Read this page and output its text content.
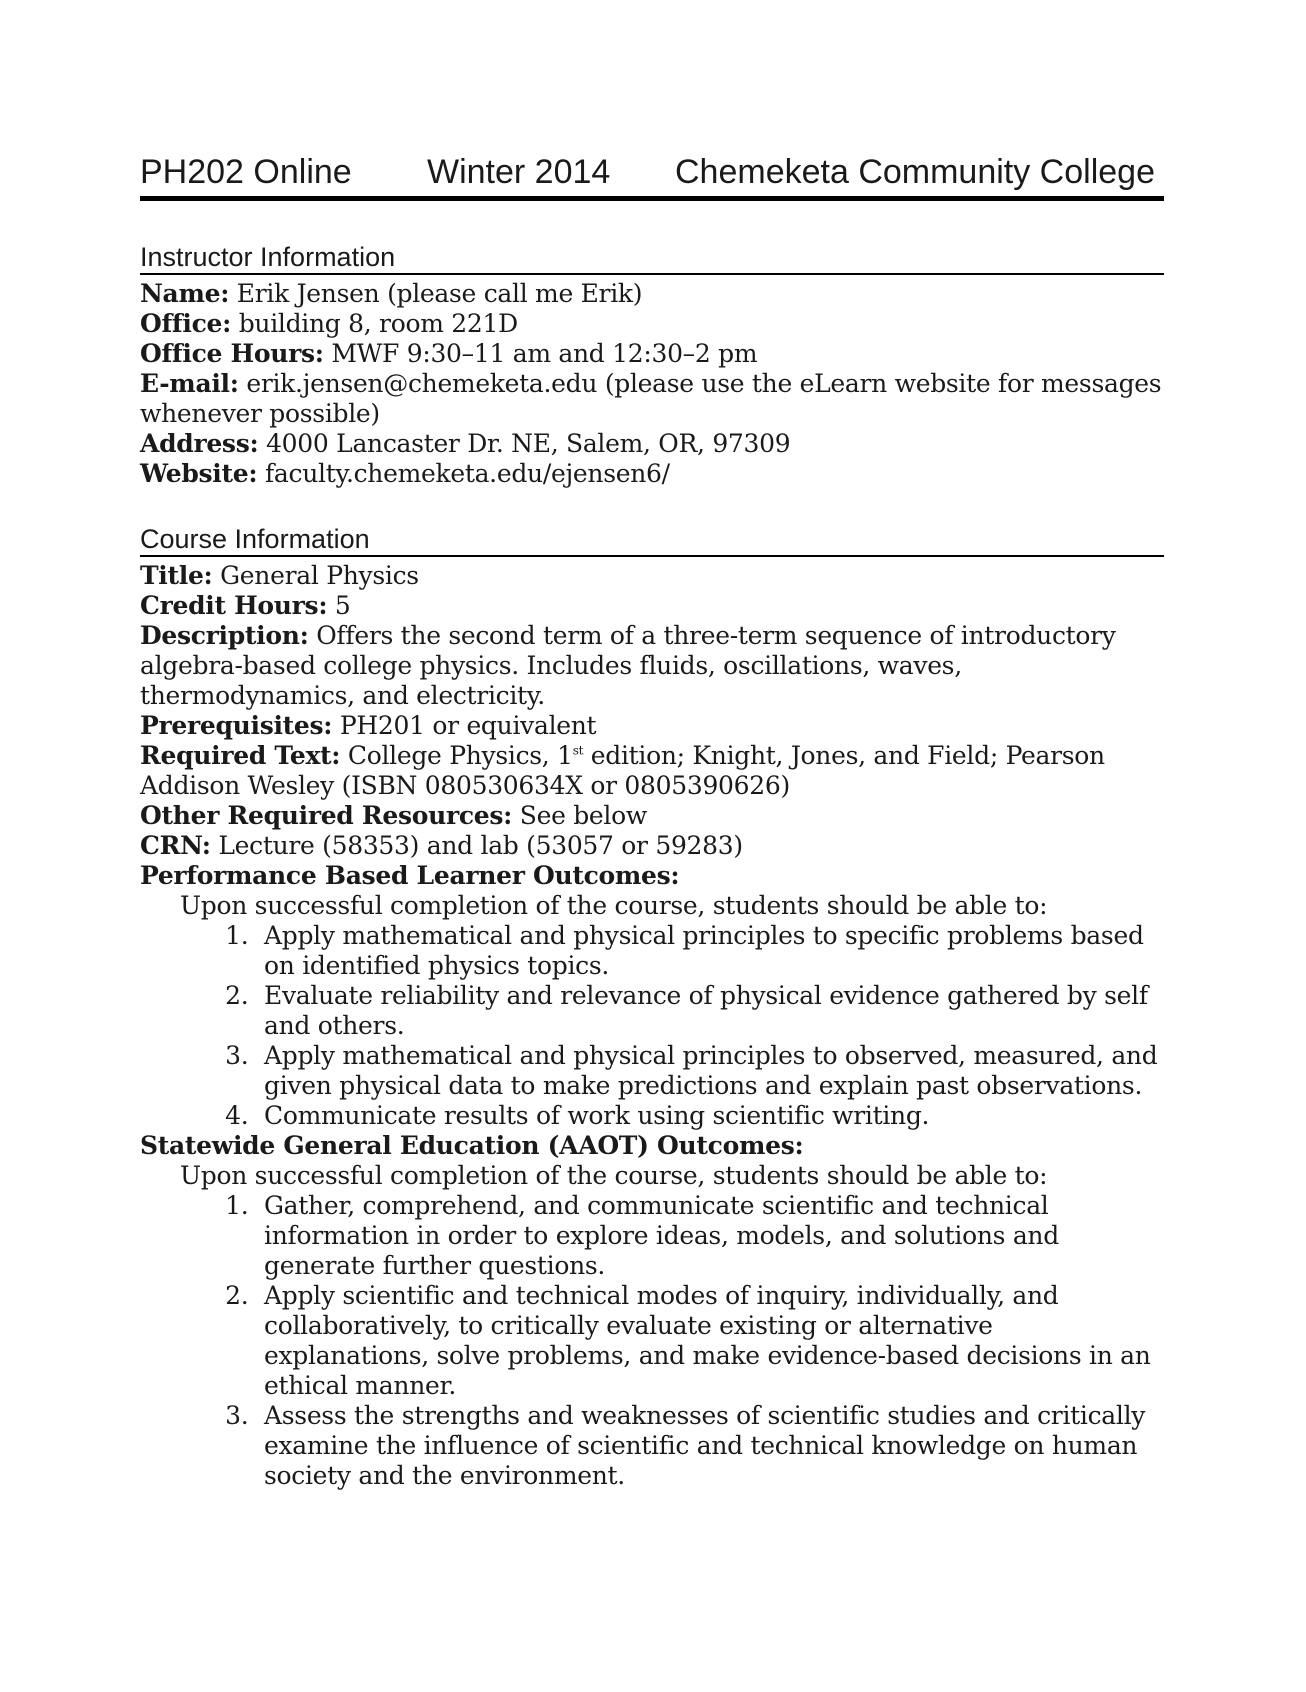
PH202 Online Winter 2014 Chemeketa Community College
Instructor Information

Name: Erik Jensen (please call me Erik)

Office: building 8, room 221D

Office Hours: MWF 9:30–11 am and 12:30–2 pm

E-mail: erik.jensen@chemeketa.edu (please use the eLearn website for messages whenever possible)

Address: 4000 Lancaster Dr. NE, Salem, OR, 97309

Website: faculty.chemeketa.edu/ejensen6/

Course Information

Title: General Physics

Credit Hours: 5

Description: Offers the second term of a three-term sequence of introductory algebra-based college physics. Includes fluids, oscillations, waves, thermodynamics, and electricity.

Prerequisites: PH201 or equivalent

Required Text: College Physics, 1st edition; Knight, Jones, and Field; Pearson Addison Wesley (ISBN 080530634X or 0805390626)

Other Required Resources: See below

CRN: Lecture (58353) and lab (53057 or 59283)

Performance Based Learner Outcomes:

Upon successful completion of the course, students should be able to:

1. Apply mathematical and physical principles to specific problems based on identified physics topics.
2. Evaluate reliability and relevance of physical evidence gathered by self and others.
3. Apply mathematical and physical principles to observed, measured, and given physical data to make predictions and explain past observations.
4. Communicate results of work using scientific writing.

Statewide General Education (AAOT) Outcomes:

Upon successful completion of the course, students should be able to:

1. Gather, comprehend, and communicate scientific and technical information in order to explore ideas, models, and solutions and generate further questions.
2. Apply scientific and technical modes of inquiry, individually, and collaboratively, to critically evaluate existing or alternative explanations, solve problems, and make evidence-based decisions in an ethical manner.
3. Assess the strengths and weaknesses of scientific studies and critically examine the influence of scientific and technical knowledge on human society and the environment.
